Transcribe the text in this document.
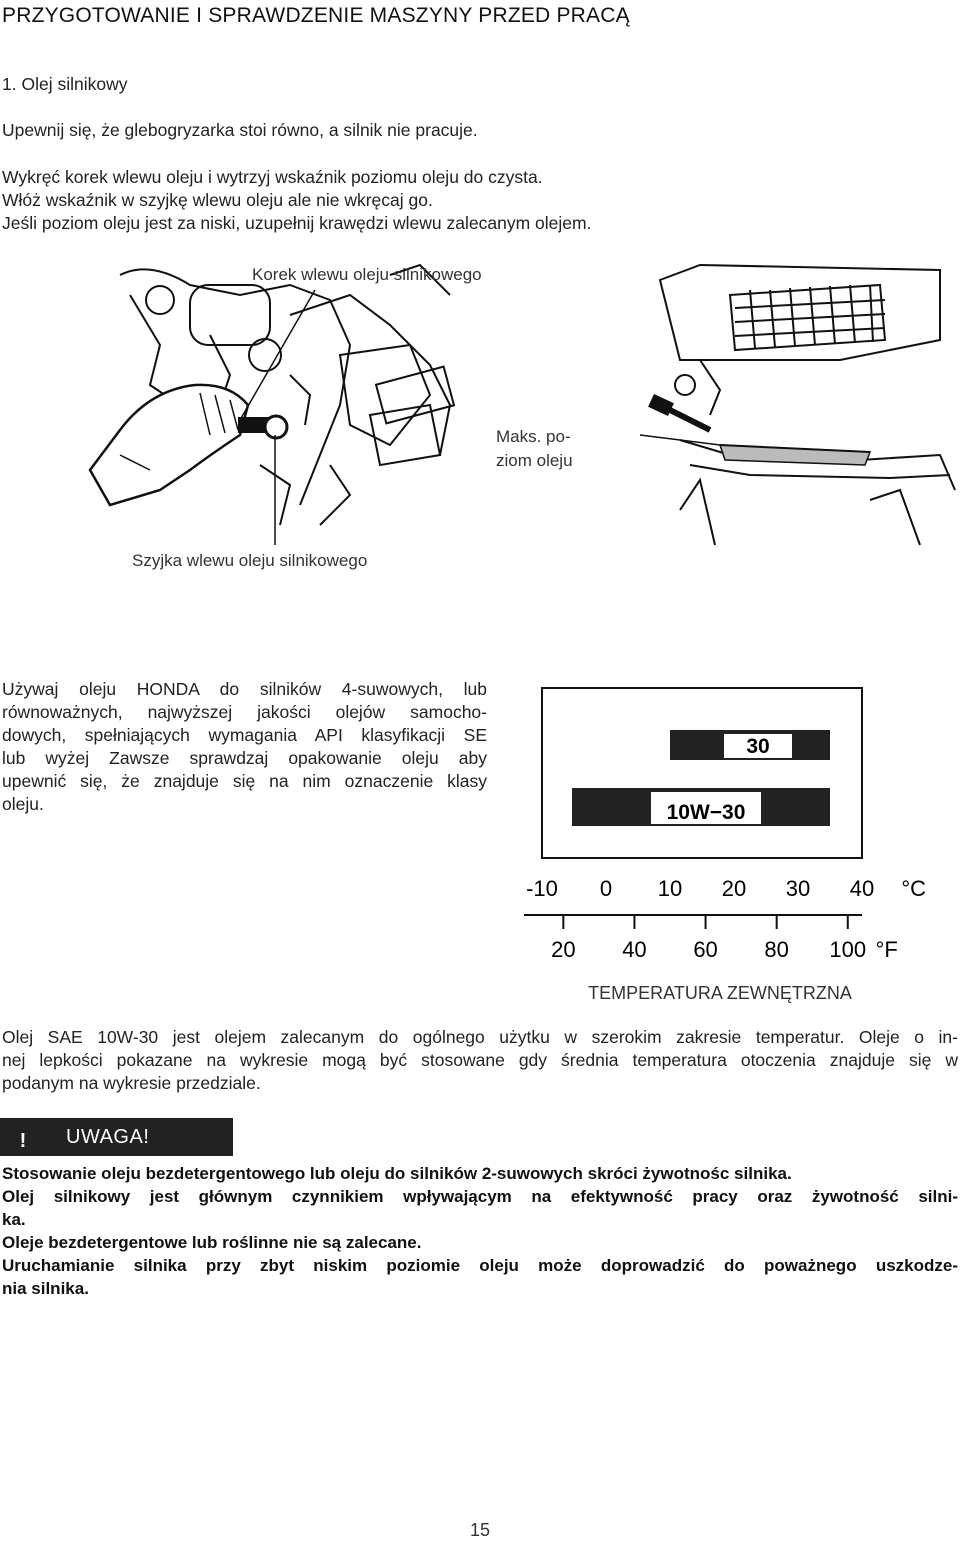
PRZYGOTOWANIE I SPRAWDZENIE MASZYNY PRZED PRACĄ
1. Olej silnikowy
Upewnij się, że glebogryzarka stoi równo, a silnik nie pracuje.
Wykręć korek wlewu oleju i wytrzyj wskaźnik poziomu oleju do czysta.
Włóż wskaźnik w szyjkę wlewu oleju ale nie wkręcaj go.
Jeśli poziom oleju jest za niski, uzupełnij krawędzi wlewu zalecanym olejem.
Korek wlewu oleju silnikowego
Maks. po-
ziom oleju
Szyjka wlewu oleju silnikowego
Używaj oleju HONDA do silników 4-suwowych, lub
równoważnych, najwyższej jakości olejów samocho-
dowych, spełniających wymagania API klasyfikacji SE
lub wyżej Zawsze sprawdzaj opakowanie oleju aby
upewnić się, że znajduje się na nim oznaczenie klasy
oleju.
30
10W−30
-10 0 10 20 30 40
20 40 60 80 100
°C
°F
TEMPERATURA ZEWNĘTRZNA
Olej SAE 10W-30 jest olejem zalecanym do ogólnego użytku w szerokim zakresie temperatur. Oleje o in-
nej lepkości pokazane na wykresie mogą być stosowane gdy średnia temperatura otoczenia znajduje się w
podanym na wykresie przedziale.
! UWAGA!
Stosowanie oleju bezdetergentowego lub oleju do silników 2-suwowych skróci żywotnośc silnika.
Olej silnikowy jest głównym czynnikiem wpływającym na efektywność pracy oraz żywotność silni-
ka.
Oleje bezdetergentowe lub roślinne nie są zalecane.
Uruchamianie silnika przy zbyt niskim poziomie oleju może doprowadzić do poważnego uszkodze-
nia silnika.
15
